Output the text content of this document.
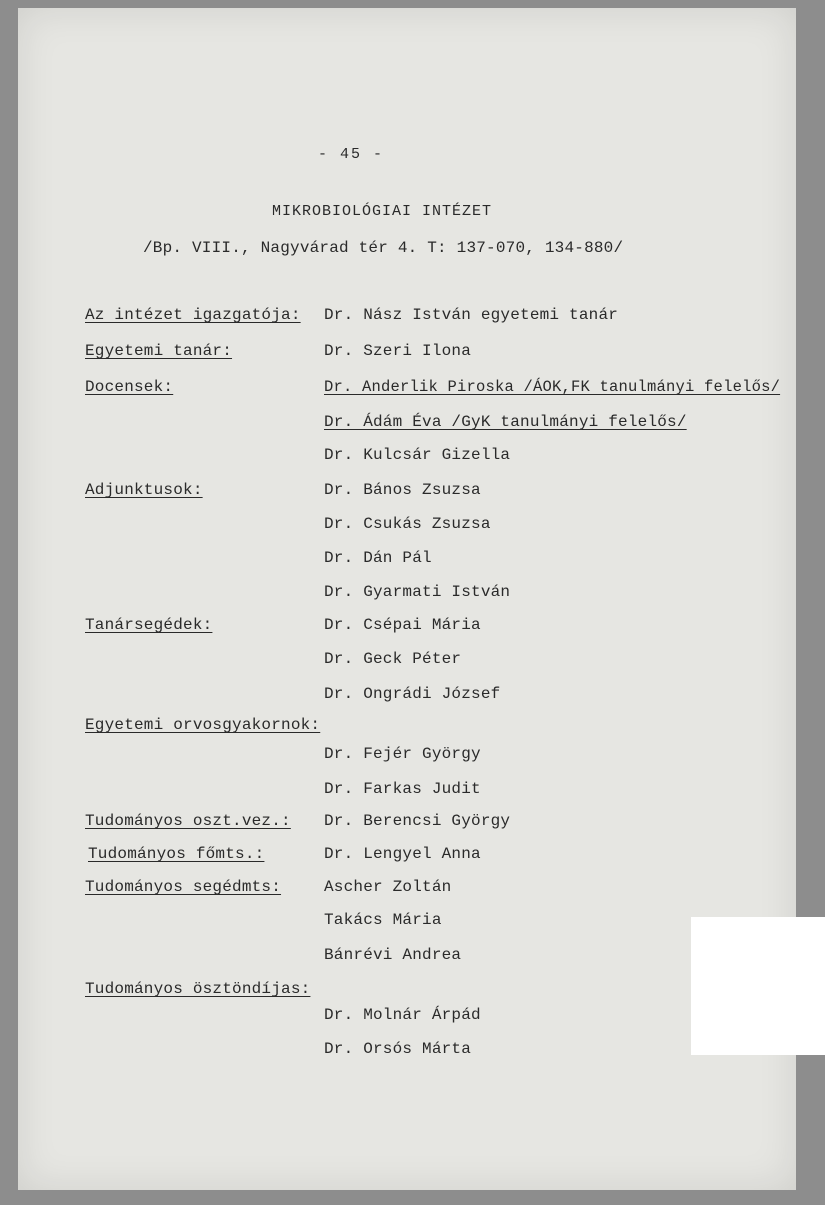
- 45 -
MIKROBIOLÓGIAI INTÉZET
/Bp. VIII., Nagyvárad tér 4. T: 137-070, 134-880/
Az intézet igazgatója: Dr. Nász István egyetemi tanár
Egyetemi tanár:	Dr. Szeri Ilona
Docensek:	Dr. Anderlik Piroska /ÁOK,FK tanulmányi felelős/
Dr. Ádám Éva /GyK tanulmányi felelős/
Dr. Kulcsár Gizella
Adjunktusok:	Dr. Bános Zsuzsa
Dr. Csukás Zsuzsa
Dr. Dán Pál
Dr. Gyarmati István
Tanársegédek:	Dr. Csépai Mária
Dr. Geck Péter
Dr. Ongrádi József
Egyetemi orvosgyakornok:
Dr. Fejér György
Dr. Farkas Judit
Tudományos oszt.vez.: Dr. Berencsi György
Tudományos főmts.:	Dr. Lengyel Anna
Tudományos segédmts:	Ascher Zoltán
Takács Mária
Bánrévi Andrea
Tudományos ösztöndíjas:
Dr. Molnár Árpád
Dr. Orsós Márta
